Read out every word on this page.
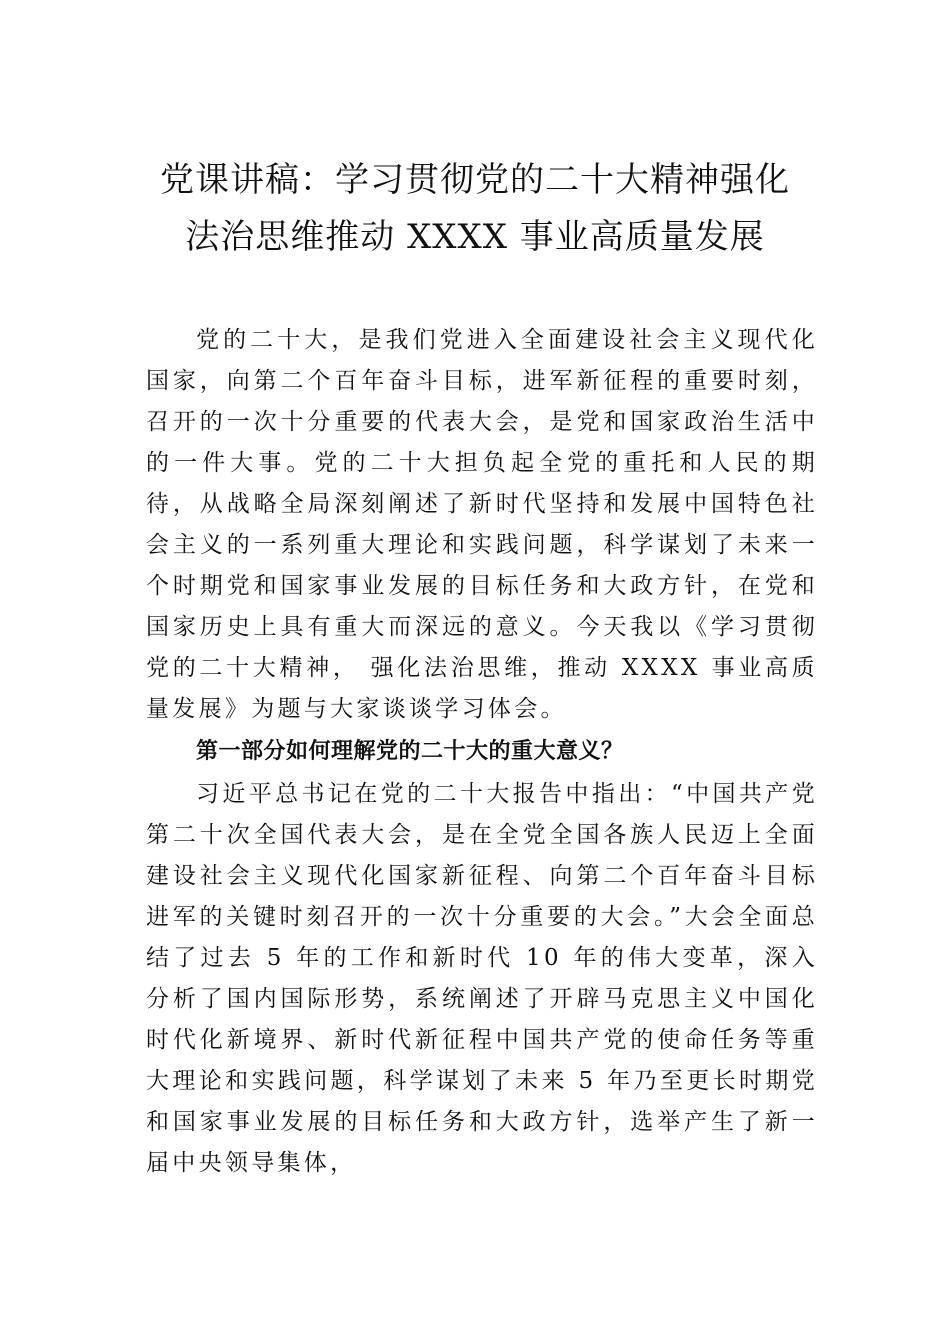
党课讲稿：学习贯彻党的二十大精神强化
法治思维推动 XXXX 事业高质量发展

党的二十大，是我们党进入全面建设社会主义现代化国家，向第二个百年奋斗目标，进军新征程的重要时刻，召开的一次十分重要的代表大会，是党和国家政治生活中的一件大事。党的二十大担负起全党的重托和人民的期待，从战略全局深刻阐述了新时代坚持和发展中国特色社会主义的一系列重大理论和实践问题，科学谋划了未来一个时期党和国家事业发展的目标任务和大政方针，在党和国家历史上具有重大而深远的意义。今天我以《学习贯彻党的二十大精神， 强化法治思维，推动 XXXX 事业高质量发展》为题与大家谈谈学习体会。

第一部分如何理解党的二十大的重大意义？

习近平总书记在党的二十大报告中指出：“中国共产党第二十次全国代表大会，是在全党全国各族人民迈上全面建设社会主义现代化国家新征程、向第二个百年奋斗目标进军的关键时刻召开的一次十分重要的大会。”大会全面总结了过去 5 年的工作和新时代 10 年的伟大变革，深入分析了国内国际形势，系统阐述了开辟马克思主义中国化时代化新境界、新时代新征程中国共产党的使命任务等重大理论和实践问题，科学谋划了未来 5 年乃至更长时期党和国家事业发展的目标任务和大政方针，选举产生了新一届中央领导集体，
